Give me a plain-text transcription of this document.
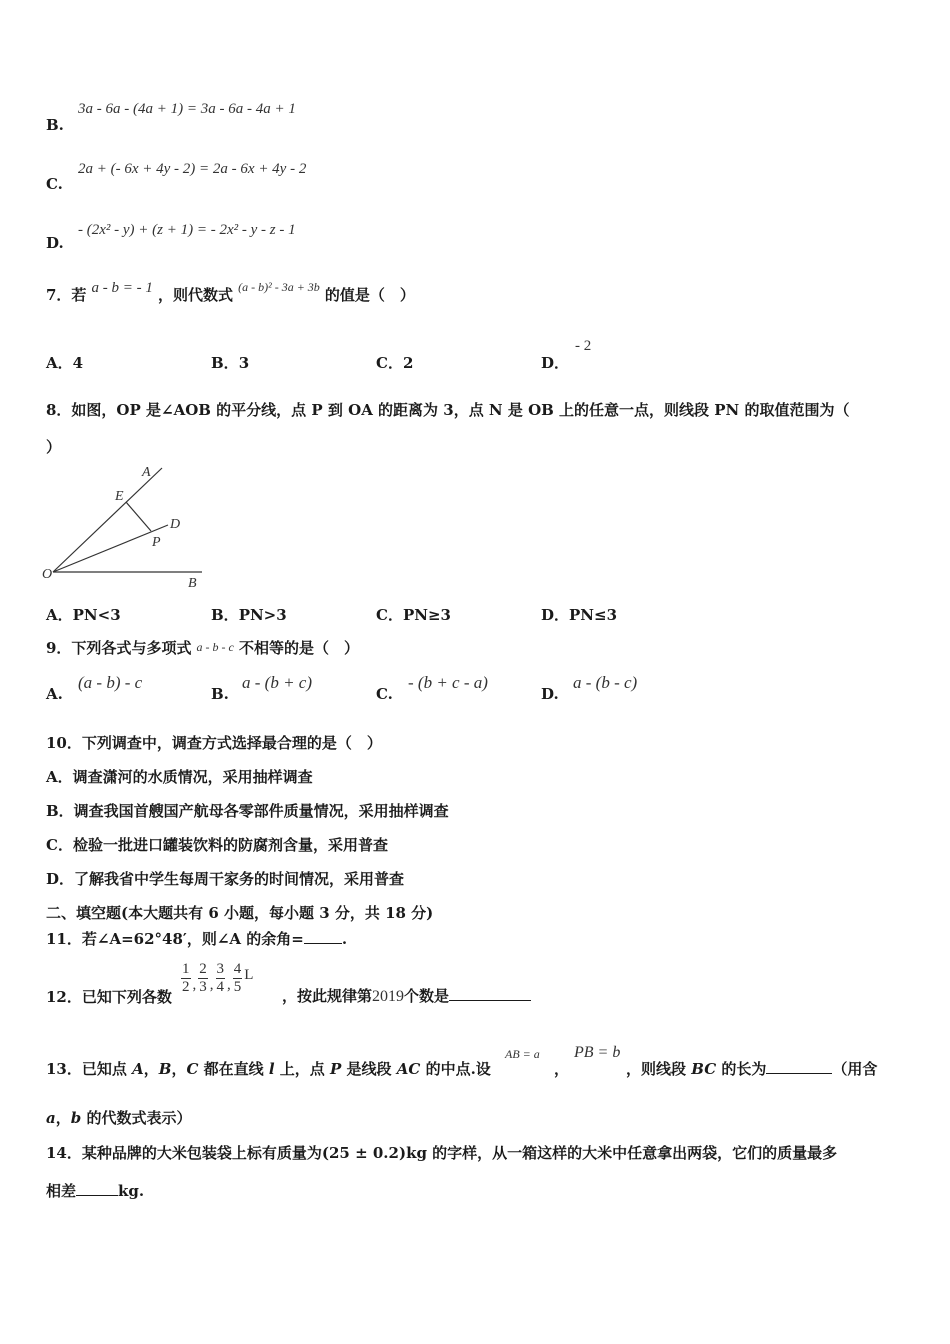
B.
3a - 6a - (4a + 1) = 3a - 6a - 4a + 1
C.
2a + (- 6x + 4y - 2) = 2a - 6x + 4y - 2
D.
- (2x² - y) + (z + 1) = - 2x² - y - z - 1
7．若 a - b = - 1 ，则代数式 $^{(a - b)^2 - 3a + 3b}$ 的值是（　）
A．4	B．3	C．2	D．
- 2
8．如图，OP 是∠AOB 的平分线，点 P 到 OA 的距离为 3，点 N 是 OB 上的任意一点，则线段 PN 的取值范围为（
）
A
E
D
P
O
B
A．PN<3	B．PN>3	C．PN≥3	D．PN≤3
9．下列各式与多项式 a - b - c 不相等的是（　）
A.
(a - b) - c
B.
a - (b + c)
C.
- (b + c - a)
D.
a - (b - c)
10．下列调查中，调查方式选择最合理的是（　）
A．调查潇河的水质情况，采用抽样调查
B．调查我国首艘国产航母各零部件质量情况，采用抽样调查
C．检验一批进口罐装饮料的防腐剂含量，采用普查
D．了解我省中学生每周干家务的时间情况，采用普查
二、填空题(本大题共有 6 小题，每小题 3 分，共 18 分)
11．若∠A=62°48′，则∠A 的余角=	.
12．已知下列各数
$\frac{1}{2}$ , $\frac{2}{3}$ , $\frac{3}{4}$ , $\frac{4}{5}$ L
，按此规律第2019个数是
13．已知点 A，B，C 都在直线 l 上，点 P 是线段 AC 的中点.设
AB = a
，
PB = b
，则线段 BC 的长为	（用含
a，b 的代数式表示）
14．某种品牌的大米包装袋上标有质量为(25 ± 0.2)kg 的字样，从一箱这样的大米中任意拿出两袋，它们的质量最多
相差	kg.
